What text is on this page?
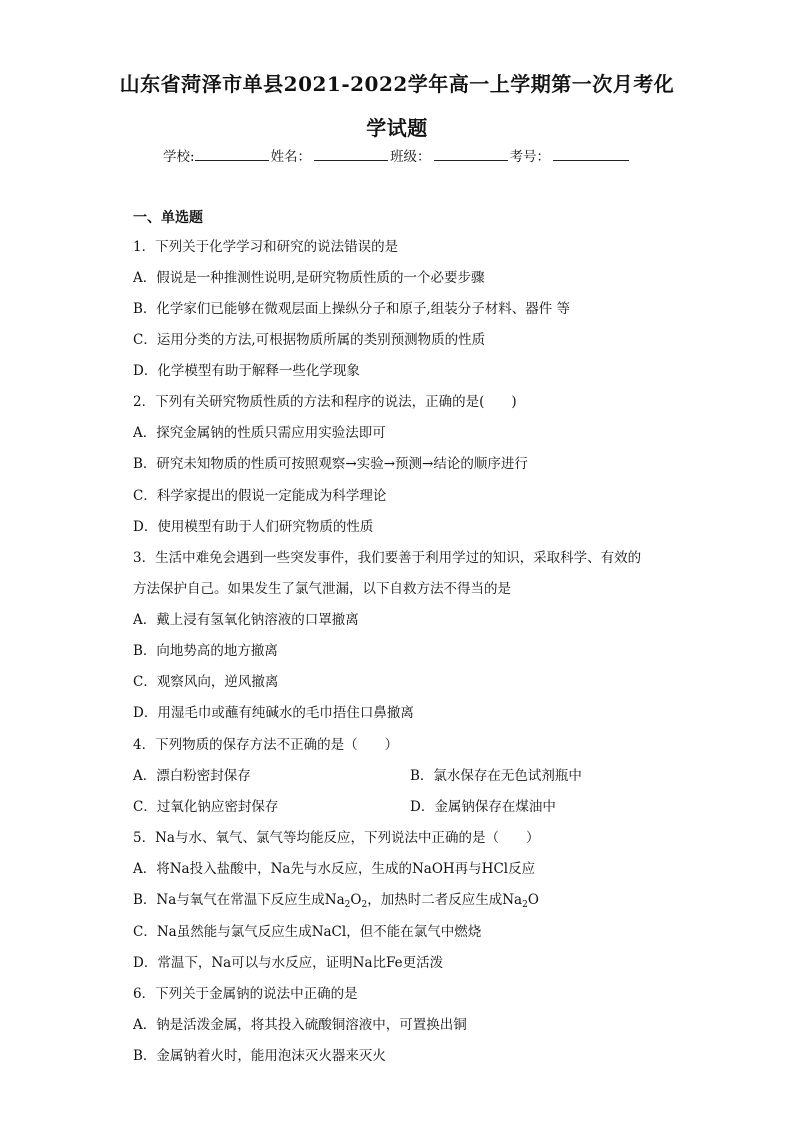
山东省菏泽市单县2021-2022学年高一上学期第一次月考化
学试题
学校:	姓名：	班级：	考号：
一、单选题
1．下列关于化学学习和研究的说法错误的是
A．假说是一种推测性说明,是研究物质性质的一个必要步骤
B．化学家们已能够在微观层面上操纵分子和原子,组装分子材料、器件 等
C．运用分类的方法,可根据物质所属的类别预测物质的性质
D．化学模型有助于解释一些化学现象
2．下列有关研究物质性质的方法和程序的说法，正确的是(　　)
A．探究金属钠的性质只需应用实验法即可
B．研究未知物质的性质可按照观察→实验→预测→结论的顺序进行
C．科学家提出的假说一定能成为科学理论
D．使用模型有助于人们研究物质的性质
3．生活中难免会遇到一些突发事件，我们要善于利用学过的知识，采取科学、有效的
方法保护自己。如果发生了氯气泄漏，以下自救方法不得当的是
A．戴上浸有氢氧化钠溶液的口罩撤离
B．向地势高的地方撤离
C．观察风向，逆风撤离
D．用湿毛巾或蘸有纯碱水的毛巾捂住口鼻撤离
4．下列物质的保存方法不正确的是（　　）
A．漂白粉密封保存	B．氯水保存在无色试剂瓶中
C．过氧化钠应密封保存	D．金属钠保存在煤油中
5．Na与水、氧气、氯气等均能反应，下列说法中正确的是（　　）
A．将Na投入盐酸中，Na先与水反应，生成的NaOH再与HCl反应
B．Na与氧气在常温下反应生成$Na_2O_2$，加热时二者反应生成$Na_2O$
C．Na虽然能与氯气反应生成NaCl，但不能在氯气中燃烧
D．常温下，Na可以与水反应，证明Na比Fe更活泼
6．下列关于金属钠的说法中正确的是
A．钠是活泼金属，将其投入硫酸铜溶液中，可置换出铜
B．金属钠着火时，能用泡沫灭火器来灭火
